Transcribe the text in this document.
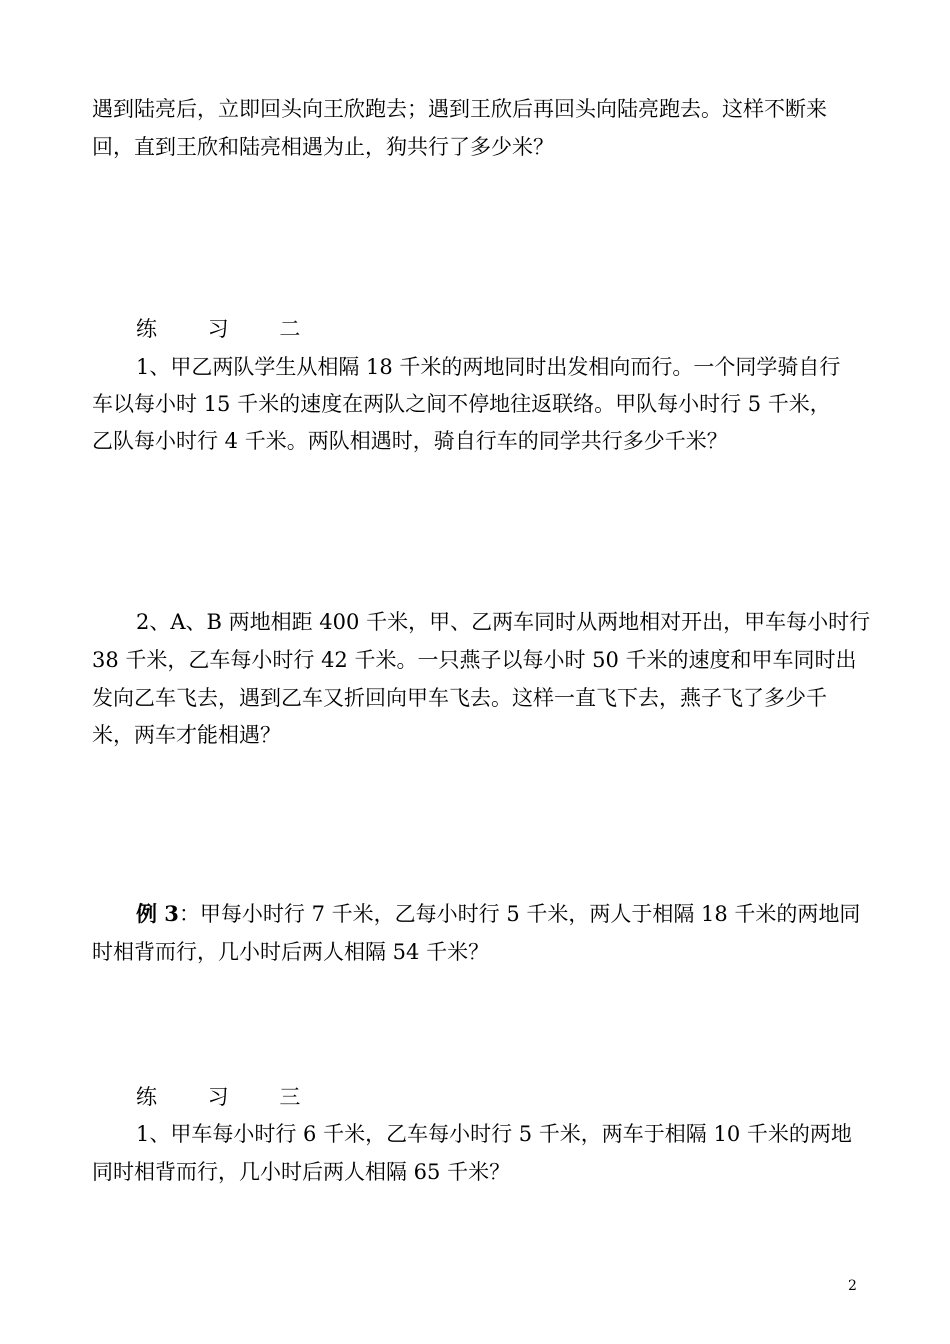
遇到陆亮后，立即回头向王欣跑去；遇到王欣后再回头向陆亮跑去。这样不断来
回，直到王欣和陆亮相遇为止，狗共行了多少米？
练 习 二
1、甲乙两队学生从相隔 18 千米的两地同时出发相向而行。一个同学骑自行
车以每小时 15 千米的速度在两队之间不停地往返联络。甲队每小时行 5 千米，
乙队每小时行 4 千米。两队相遇时，骑自行车的同学共行多少千米？
2、A、B 两地相距 400 千米，甲、乙两车同时从两地相对开出，甲车每小时行
38 千米，乙车每小时行 42 千米。一只燕子以每小时 50 千米的速度和甲车同时出
发向乙车飞去，遇到乙车又折回向甲车飞去。这样一直飞下去，燕子飞了多少千
米，两车才能相遇？
例 3：甲每小时行 7 千米，乙每小时行 5 千米，两人于相隔 18 千米的两地同
时相背而行，几小时后两人相隔 54 千米？
练 习 三
1、甲车每小时行 6 千米，乙车每小时行 5 千米，两车于相隔 10 千米的两地
同时相背而行，几小时后两人相隔 65 千米？
2
